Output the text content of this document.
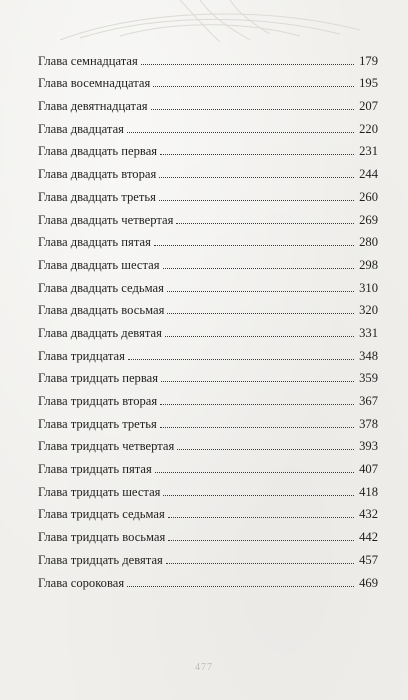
Глава семнадцатая	179
Глава восемнадцатая	195
Глава девятнадцатая	207
Глава двадцатая	220
Глава двадцать первая	231
Глава двадцать вторая	244
Глава двадцать третья	260
Глава двадцать четвертая	269
Глава двадцать пятая	280
Глава двадцать шестая	298
Глава двадцать седьмая	310
Глава двадцать восьмая	320
Глава двадцать девятая	331
Глава тридцатая	348
Глава тридцать первая	359
Глава тридцать вторая	367
Глава тридцать третья	378
Глава тридцать четвертая	393
Глава тридцать пятая	407
Глава тридцать шестая	418
Глава тридцать седьмая	432
Глава тридцать восьмая	442
Глава тридцать девятая	457
Глава сороковая	469
477
